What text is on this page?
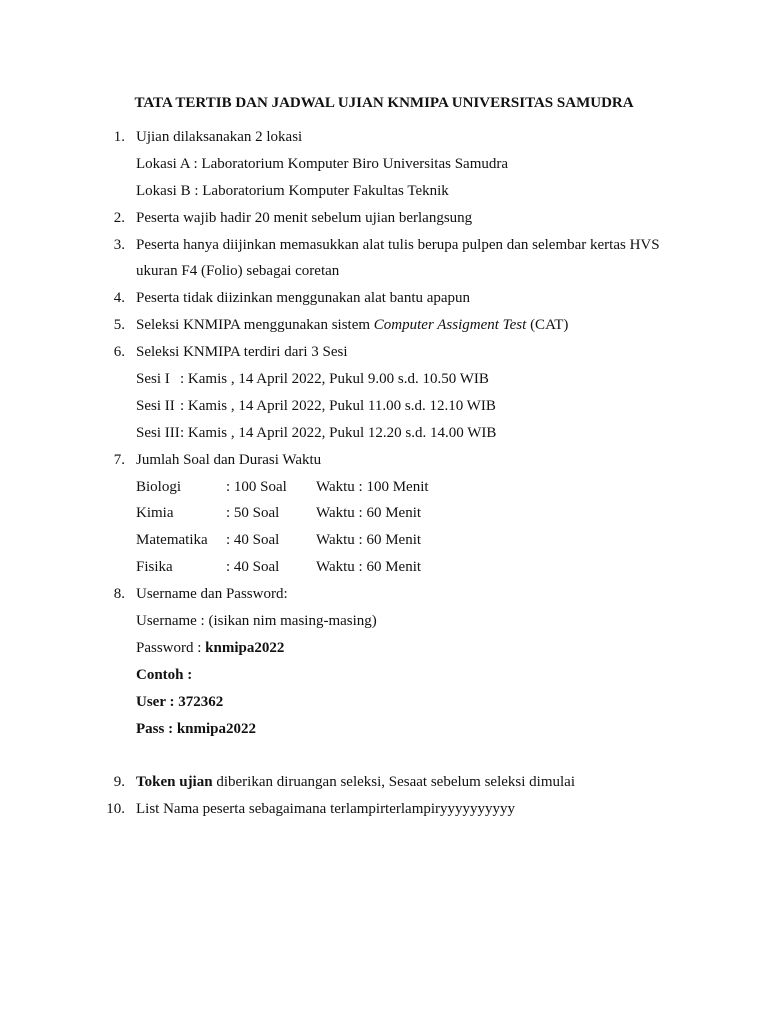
TATA TERTIB DAN JADWAL UJIAN KNMIPA UNIVERSITAS SAMUDRA
1. Ujian dilaksanakan 2 lokasi
Lokasi A : Laboratorium Komputer Biro Universitas Samudra
Lokasi B : Laboratorium Komputer Fakultas Teknik
2. Peserta wajib hadir 20 menit sebelum ujian berlangsung
3. Peserta hanya diijinkan memasukkan alat tulis berupa pulpen dan selembar kertas HVS
ukuran F4 (Folio) sebagai coretan
4. Peserta tidak diizinkan menggunakan alat bantu apapun
5. Seleksi KNMIPA menggunakan sistem Computer Assigment Test (CAT)
6. Seleksi KNMIPA terdiri dari 3 Sesi
Sesi I : Kamis , 14 April 2022, Pukul 9.00 s.d. 10.50 WIB
Sesi II : Kamis , 14 April 2022, Pukul 11.00 s.d. 12.10 WIB
Sesi III : Kamis , 14 April 2022, Pukul 12.20 s.d. 14.00 WIB
7. Jumlah Soal dan Durasi Waktu
Biologi	: 100 Soal Waktu : 100 Menit
Kimia	: 50 Soal Waktu : 60 Menit
Matematika : 40 Soal Waktu : 60 Menit
Fisika	: 40 Soal Waktu : 60 Menit
8. Username dan Password:
Username : (isikan nim masing-masing)
Password : knmipa2022
Contoh :
User : 372362
Pass : knmipa2022
9. Token ujian diberikan diruangan seleksi, Sesaat sebelum seleksi dimulai
10. List Nama peserta sebagaimana terlampirterlampiryyyyyyyyyy
